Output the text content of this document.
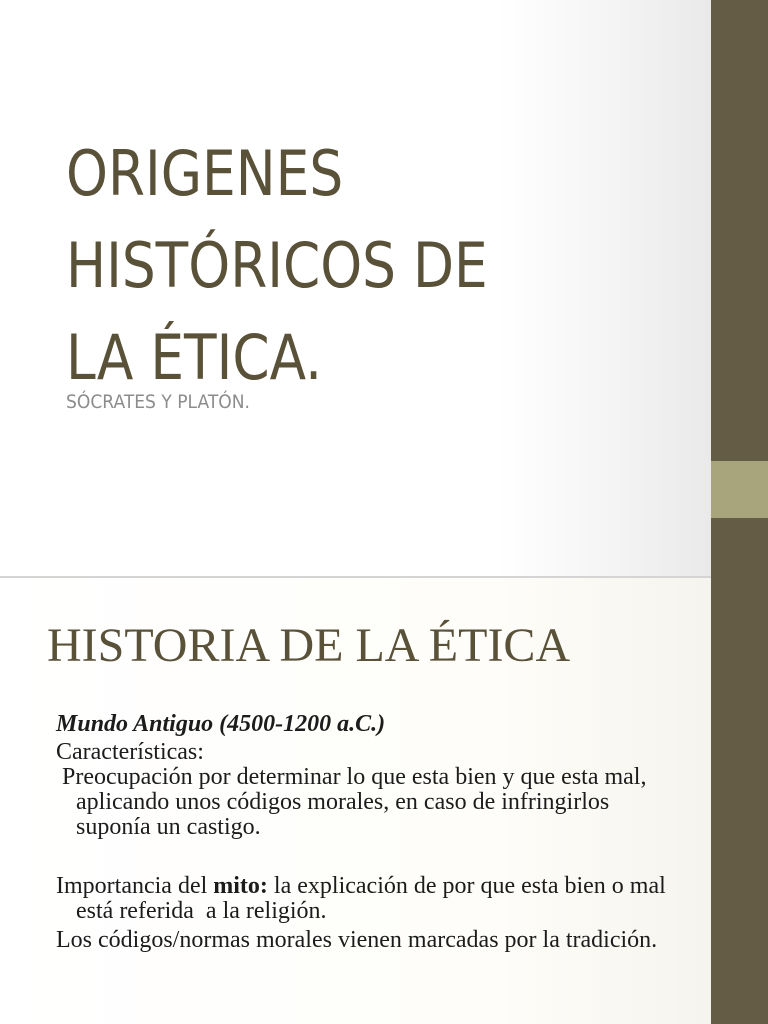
ORIGENES
HISTÓRICOS DE
LA ÉTICA.

SÓCRATES Y PLATÓN.

HISTORIA DE LA ÉTICA

Mundo Antiguo (4500-1200 a.C.)

Características:

Preocupación por determinar lo que esta bien y que esta mal, aplicando unos códigos morales, en caso de infringirlos suponía un castigo.

Importancia del mito: la explicación de por que esta bien o mal está referida  a la religión.

Los códigos/normas morales vienen marcadas por la tradición.
